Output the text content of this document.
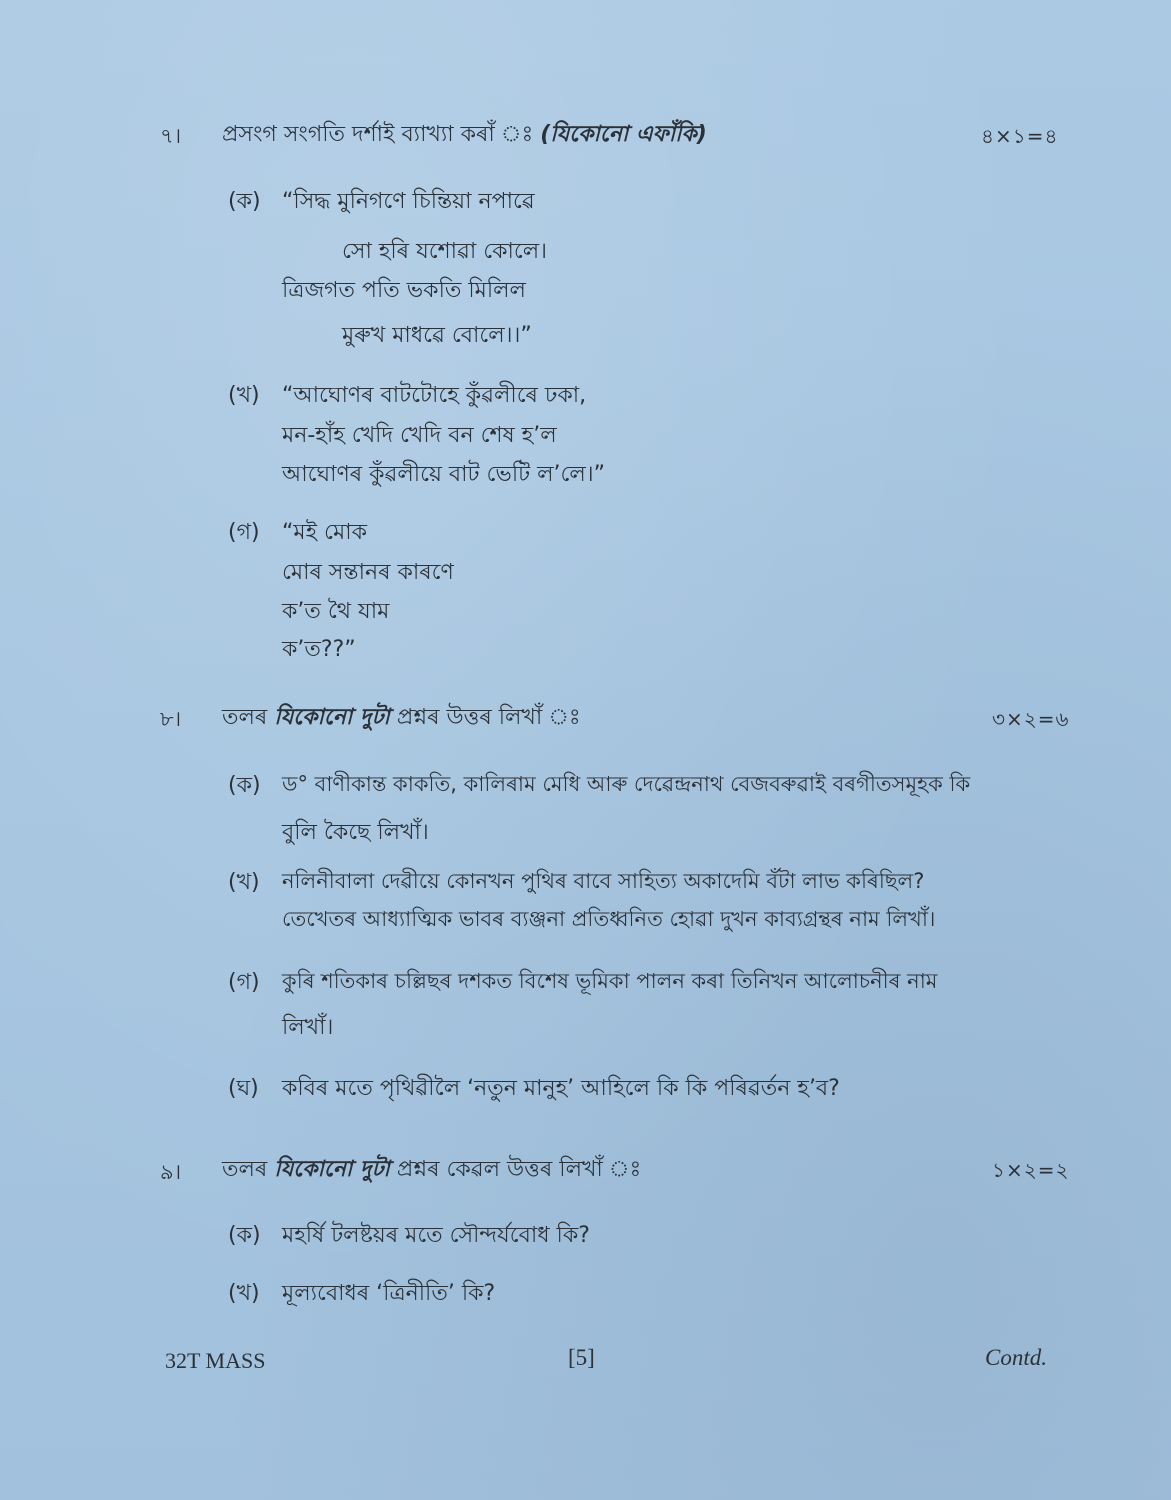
৭। প্ৰসংগ সংগতি দৰ্শাই ব্যাখ্যা কৰাঁ ঃ (যিকোনো এফাঁকি)	৪×১=৪
(ক) “সিদ্ধ মুনিগণে চিন্তিয়া নপাৱে
সো হৰি যশোৱা কোলে।
ত্ৰিজগত পতি ভকতি মিলিল
মুৰুখ মাধৱে বোলে।।”
(খ) “আঘোণৰ বাটটোহে কুঁৱলীৰে ঢকা,
মন-হাঁহ খেদি খেদি বন শেষ হ’ল
আঘোণৰ কুঁৱলীয়ে বাট ভেটি ল’লে।”
(গ) “মই মোক
মোৰ সন্তানৰ কাৰণে
ক’ত থৈ যাম
ক’ত??”
৮। তলৰ যিকোনো দুটা প্ৰশ্নৰ উত্তৰ লিখাঁ ঃ	৩×২=৬
(ক) ড° বাণীকান্ত কাকতি, কালিৰাম মেধি আৰু দেৱেন্দ্ৰনাথ বেজবৰুৱাই বৰগীতসমূহক কি
বুলি কৈছে লিখাঁ।
(খ) নলিনীবালা দেৱীয়ে কোনখন পুথিৰ বাবে সাহিত্য অকাদেমি বঁটা লাভ কৰিছিল?
তেখেতৰ আধ্যাত্মিক ভাবৰ ব্যঞ্জনা প্ৰতিধ্বনিত হোৱা দুখন কাব্যগ্ৰন্থৰ নাম লিখাঁ।
(গ) কুৰি শতিকাৰ চল্লিছৰ দশকত বিশেষ ভূমিকা পালন কৰা তিনিখন আলোচনীৰ নাম
লিখাঁ।
(ঘ) কবিৰ মতে পৃথিৱীলৈ ‘নতুন মানুহ’ আহিলে কি কি পৰিৱৰ্তন হ’ব?
৯। তলৰ যিকোনো দুটা প্ৰশ্নৰ কেৱল উত্তৰ লিখাঁ ঃ	১×২=২
(ক) মহৰ্ষি টলষ্টয়ৰ মতে সৌন্দৰ্যবোধ কি?
(খ) মূল্যবোধৰ ‘ত্ৰিনীতি’ কি?
32T MASS	[5]	Contd.
